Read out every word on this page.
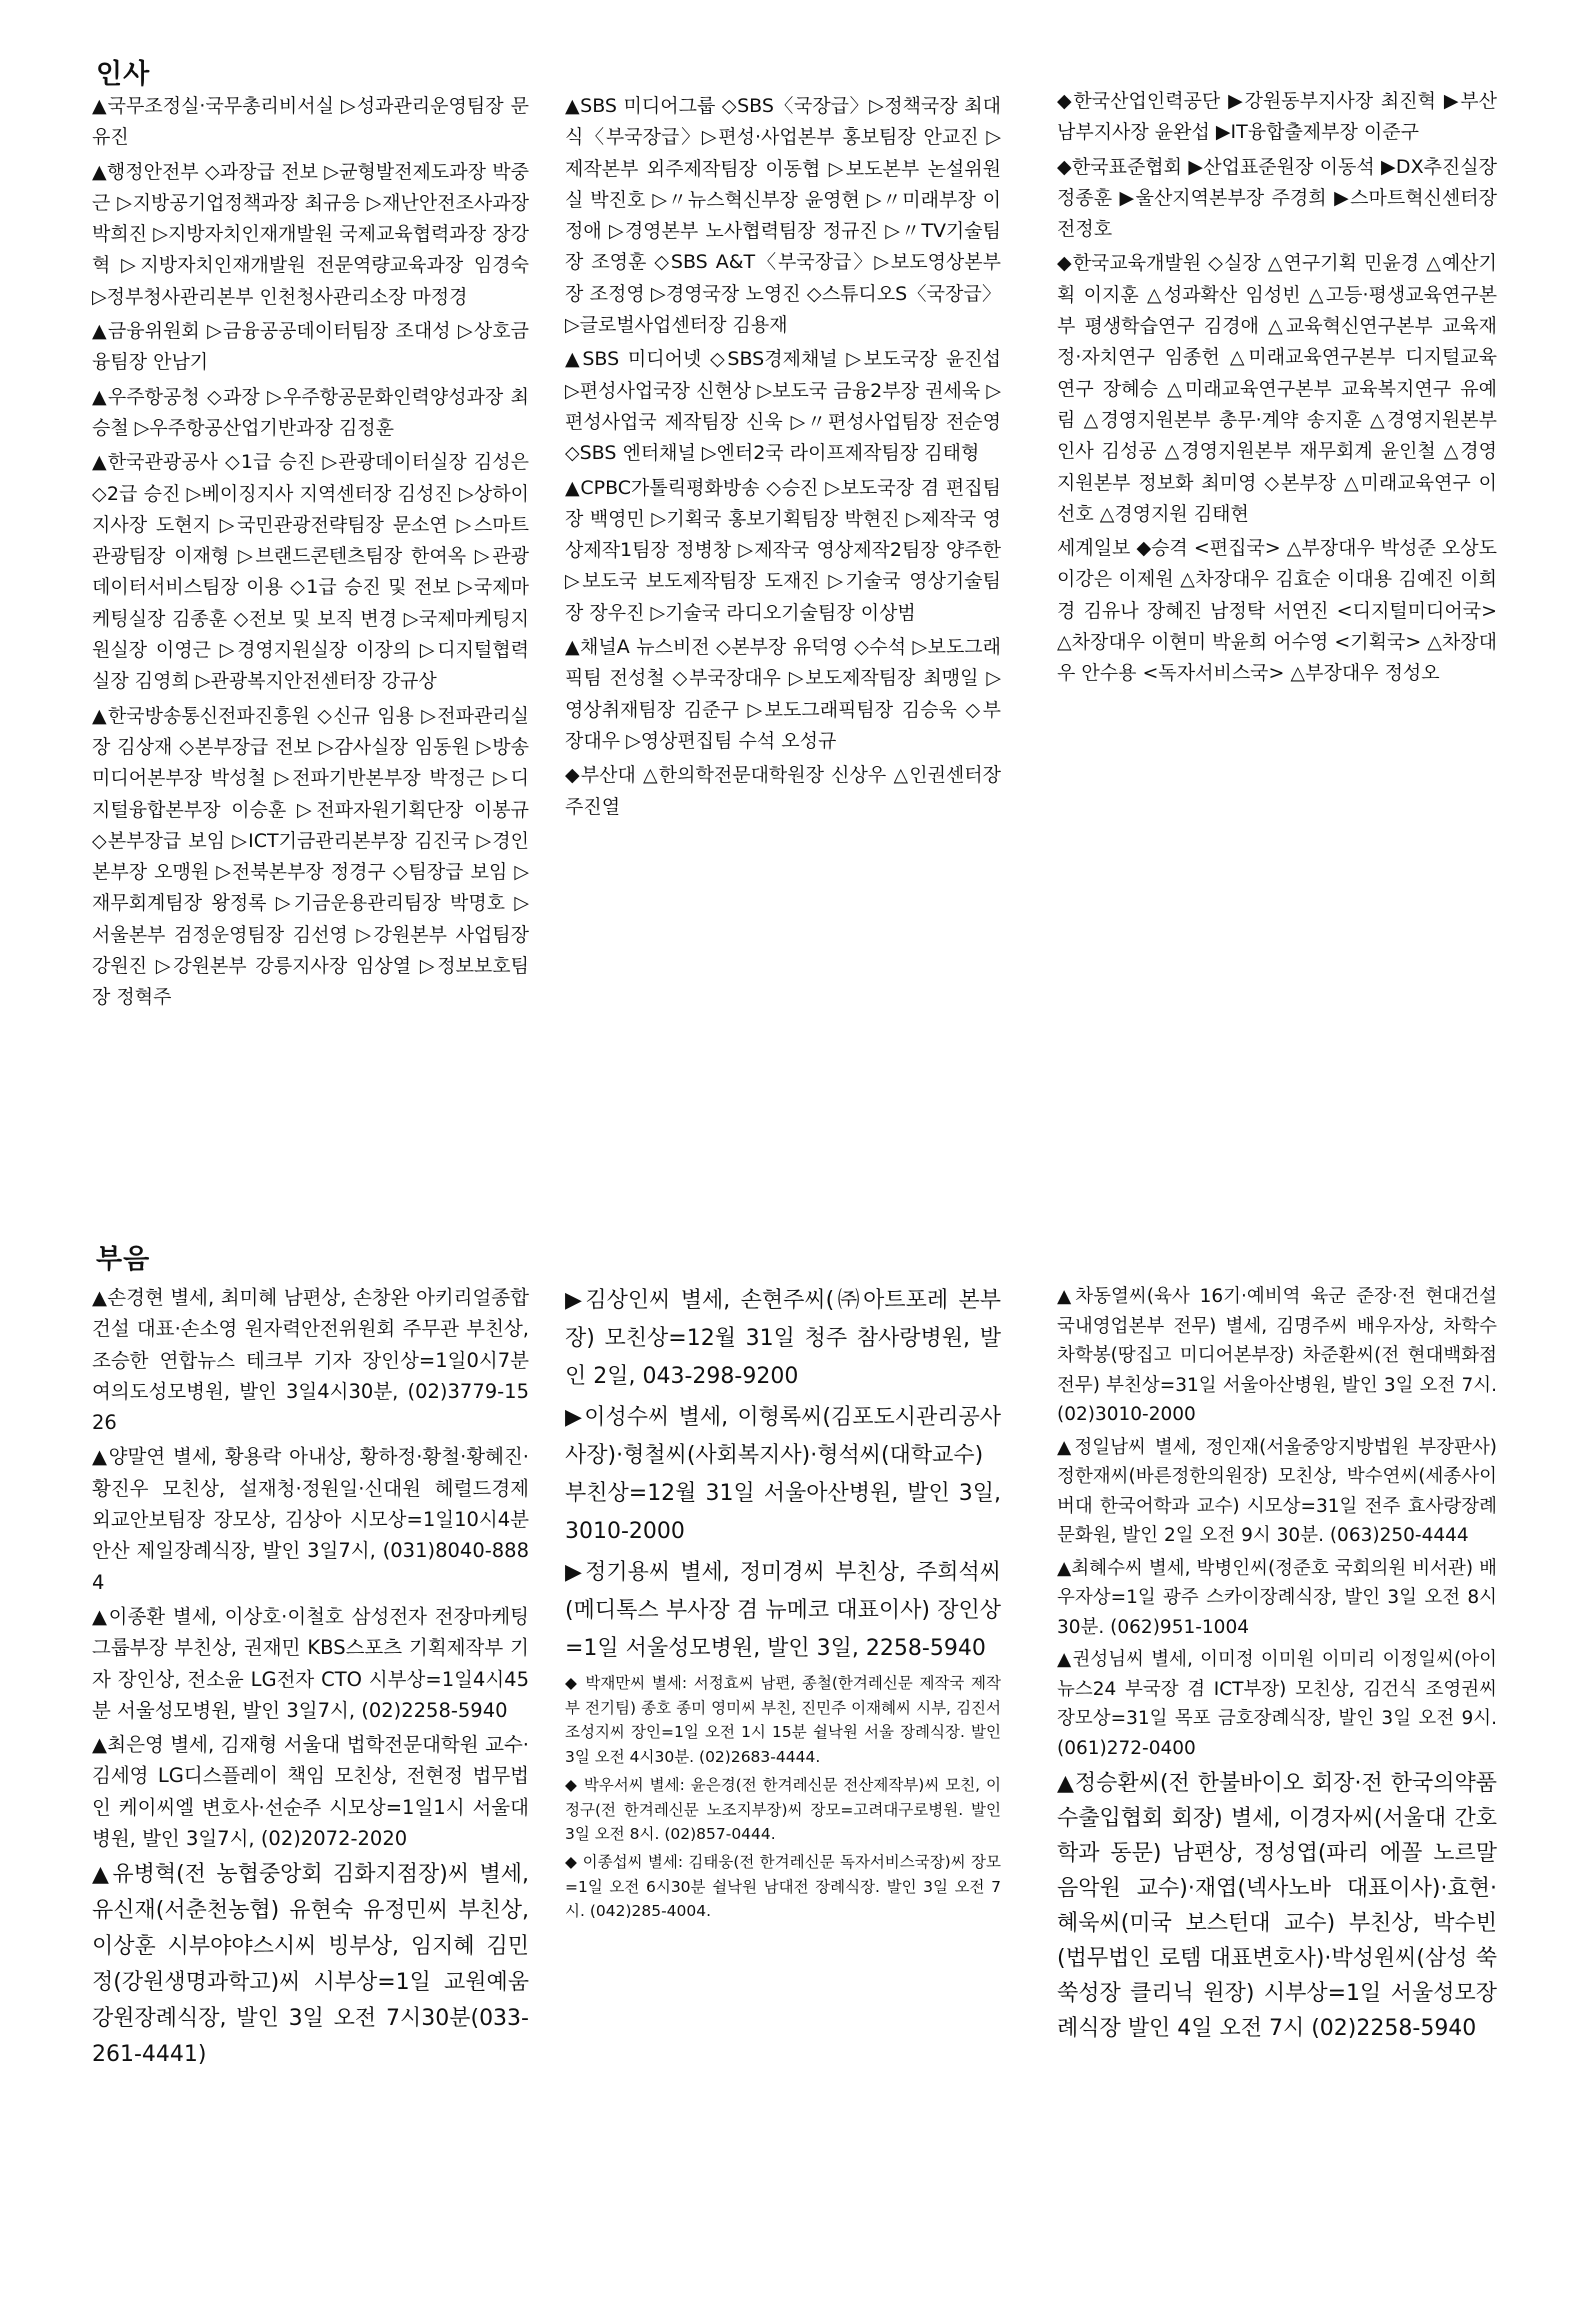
인사

▲국무조정실·국무총리비서실 ▷성과관리운영팀장 문유진

▲행정안전부 ◇과장급 전보 ▷균형발전제도과장 박중근 ▷지방공기업정책과장 최규응 ▷재난안전조사과장 박희진 ▷지방자치인재개발원 국제교육협력과장 장강혁 ▷지방자치인재개발원 전문역량교육과장 임경숙 ▷정부청사관리본부 인천청사관리소장 마정경

▲금융위원회 ▷금융공공데이터팀장 조대성 ▷상호금융팀장 안남기

▲우주항공청 ◇과장 ▷우주항공문화인력양성과장 최승철 ▷우주항공산업기반과장 김정훈

▲한국관광공사 ◇1급 승진 ▷관광데이터실장 김성은 ◇2급 승진 ▷베이징지사 지역센터장 김성진 ▷상하이지사장 도현지 ▷국민관광전략팀장 문소연 ▷스마트관광팀장 이재형 ▷브랜드콘텐츠팀장 한여옥 ▷관광데이터서비스팀장 이용 ◇1급 승진 및 전보 ▷국제마케팅실장 김종훈 ◇전보 및 보직 변경 ▷국제마케팅지원실장 이영근 ▷경영지원실장 이장의 ▷디지털협력실장 김영희 ▷관광복지안전센터장 강규상

▲한국방송통신전파진흥원 ◇신규 임용 ▷전파관리실장 김상재 ◇본부장급 전보 ▷감사실장 임동원 ▷방송미디어본부장 박성철 ▷전파기반본부장 박정근 ▷디지털융합본부장 이승훈 ▷전파자원기획단장 이봉규 ◇본부장급 보임 ▷ICT기금관리본부장 김진국 ▷경인본부장 오맹원 ▷전북본부장 정경구 ◇팀장급 보임 ▷재무회계팀장 왕정록 ▷기금운용관리팀장 박명호 ▷서울본부 검정운영팀장 김선영 ▷강원본부 사업팀장 강원진 ▷강원본부 강릉지사장 임상열 ▷정보보호팀장 정혁주

▲SBS 미디어그룹 ◇SBS〈국장급〉▷정책국장 최대식〈부국장급〉▷편성·사업본부 홍보팀장 안교진 ▷제작본부 외주제작팀장 이동협 ▷보도본부 논설위원실 박진호 ▷〃뉴스혁신부장 윤영현 ▷〃미래부장 이정애 ▷경영본부 노사협력팀장 정규진 ▷〃TV기술팀장 조영훈 ◇SBS A&T〈부국장급〉▷보도영상본부장 조정영 ▷경영국장 노영진 ◇스튜디오S〈국장급〉▷글로벌사업센터장 김용재

▲SBS 미디어넷 ◇SBS경제채널 ▷보도국장 윤진섭 ▷편성사업국장 신현상 ▷보도국 금융2부장 권세욱 ▷편성사업국 제작팀장 신욱 ▷〃편성사업팀장 전순영 ◇SBS 엔터채널 ▷엔터2국 라이프제작팀장 김태형

▲CPBC가톨릭평화방송 ◇승진 ▷보도국장 겸 편집팀장 백영민 ▷기획국 홍보기획팀장 박현진 ▷제작국 영상제작1팀장 정병창 ▷제작국 영상제작2팀장 양주한 ▷보도국 보도제작팀장 도재진 ▷기술국 영상기술팀장 장우진 ▷기술국 라디오기술팀장 이상범

▲채널A 뉴스비전 ◇본부장 유덕영 ◇수석 ▷보도그래픽팀 전성철 ◇부국장대우 ▷보도제작팀장 최맹일 ▷영상취재팀장 김준구 ▷보도그래픽팀장 김승욱 ◇부장대우 ▷영상편집팀 수석 오성규

◆부산대 △한의학전문대학원장 신상우 △인권센터장 주진열

◆한국산업인력공단 ▶강원동부지사장 최진혁 ▶부산남부지사장 윤완섭 ▶IT융합출제부장 이준구

◆한국표준협회 ▶산업표준원장 이동석 ▶DX추진실장 정종훈 ▶울산지역본부장 주경희 ▶스마트혁신센터장 전정호

◆한국교육개발원 ◇실장 △연구기획 민윤경 △예산기획 이지훈 △성과확산 임성빈 △고등·평생교육연구본부 평생학습연구 김경애 △교육혁신연구본부 교육재정·자치연구 임종헌 △미래교육연구본부 디지털교육연구 장혜승 △미래교육연구본부 교육복지연구 유예림 △경영지원본부 총무·계약 송지훈 △경영지원본부 인사 김성공 △경영지원본부 재무회계 윤인철 △경영지원본부 정보화 최미영 ◇본부장 △미래교육연구 이선호 △경영지원 김태현

세계일보 ◆승격 <편집국> △부장대우 박성준 오상도 이강은 이제원 △차장대우 김효순 이대용 김예진 이희경 김유나 장혜진 남정탁 서연진 <디지털미디어국> △차장대우 이현미 박윤희 어수영 <기획국> △차장대우 안수용 <독자서비스국> △부장대우 정성오

부음

▲손경현 별세, 최미혜 남편상, 손창완 아키리얼종합건설 대표·손소영 원자력안전위원회 주무관 부친상, 조승한 연합뉴스 테크부 기자 장인상=1일0시7분 여의도성모병원, 발인 3일4시30분, (02)3779-1526

▲양말연 별세, 황용락 아내상, 황하정·황철·황혜진·황진우 모친상, 설재청·정원일·신대원 헤럴드경제 외교안보팀장 장모상, 김상아 시모상=1일10시4분 안산 제일장례식장, 발인 3일7시, (031)8040-8884

▲이종환 별세, 이상호·이철호 삼성전자 전장마케팅그룹부장 부친상, 권재민 KBS스포츠 기획제작부 기자 장인상, 전소윤 LG전자 CTO 시부상=1일4시45분 서울성모병원, 발인 3일7시, (02)2258-5940

▲최은영 별세, 김재형 서울대 법학전문대학원 교수·김세영 LG디스플레이 책임 모친상, 전현정 법무법인 케이씨엘 변호사·선순주 시모상=1일1시 서울대병원, 발인 3일7시, (02)2072-2020

▲유병혁(전 농협중앙회 김화지점장)씨 별세, 유신재(서춘천농협) 유현숙 유정민씨 부친상, 이상훈 시부야야스시씨 빙부상, 임지혜 김민정(강원생명과학고)씨 시부상=1일 교원예움 강원장례식장, 발인 3일 오전 7시30분(033-261-4441)

▶김상인씨 별세, 손현주씨(㈜아트포레 본부장) 모친상=12월 31일 청주 참사랑병원, 발인 2일, 043-298-9200

▶이성수씨 별세, 이형록씨(김포도시관리공사 사장)·형철씨(사회복지사)·형석씨(대학교수) 부친상=12월 31일 서울아산병원, 발인 3일, 3010-2000

▶정기용씨 별세, 정미경씨 부친상, 주희석씨(메디톡스 부사장 겸 뉴메코 대표이사) 장인상=1일 서울성모병원, 발인 3일, 2258-5940

◆ 박재만씨 별세: 서정효씨 남편, 종철(한겨레신문 제작국 제작부 전기팀) 종호 종미 영미씨 부친, 진민주 이재혜씨 시부, 김진서 조성지씨 장인=1일 오전 1시 15분 쉴낙원 서울 장례식장. 발인 3일 오전 4시30분. (02)2683-4444.

◆ 박우서씨 별세: 윤은경(전 한겨레신문 전산제작부)씨 모친, 이정구(전 한겨레신문 노조지부장)씨 장모=고려대구로병원. 발인 3일 오전 8시. (02)857-0444.

◆ 이종섭씨 별세: 김태웅(전 한겨레신문 독자서비스국장)씨 장모=1일 오전 6시30분 쉴낙원 남대전 장례식장. 발인 3일 오전 7시. (042)285-4004.

▲차동열씨(육사 16기·예비역 육군 준장·전 현대건설 국내영업본부 전무) 별세, 김명주씨 배우자상, 차학수 차학봉(땅집고 미디어본부장) 차준환씨(전 현대백화점 전무) 부친상=31일 서울아산병원, 발인 3일 오전 7시. (02)3010-2000

▲정일남씨 별세, 정인재(서울중앙지방법원 부장판사) 정한재씨(바른정한의원장) 모친상, 박수연씨(세종사이버대 한국어학과 교수) 시모상=31일 전주 효사랑장례문화원, 발인 2일 오전 9시 30분. (063)250-4444

▲최혜수씨 별세, 박병인씨(정준호 국회의원 비서관) 배우자상=1일 광주 스카이장례식장, 발인 3일 오전 8시 30분. (062)951-1004

▲권성님씨 별세, 이미정 이미원 이미리 이정일씨(아이뉴스24 부국장 겸 ICT부장) 모친상, 김건식 조영권씨 장모상=31일 목포 금호장례식장, 발인 3일 오전 9시. (061)272-0400

▲정승환씨(전 한불바이오 회장·전 한국의약품수출입협회 회장) 별세, 이경자씨(서울대 간호학과 동문) 남편상, 정성엽(파리 에꼴 노르말 음악원 교수)·재엽(넥사노바 대표이사)·효현·혜욱씨(미국 보스턴대 교수) 부친상, 박수빈(법무법인 로템 대표변호사)·박성원씨(삼성 쑥쑥성장 클리닉 원장) 시부상=1일 서울성모장례식장 발인 4일 오전 7시 (02)2258-5940
